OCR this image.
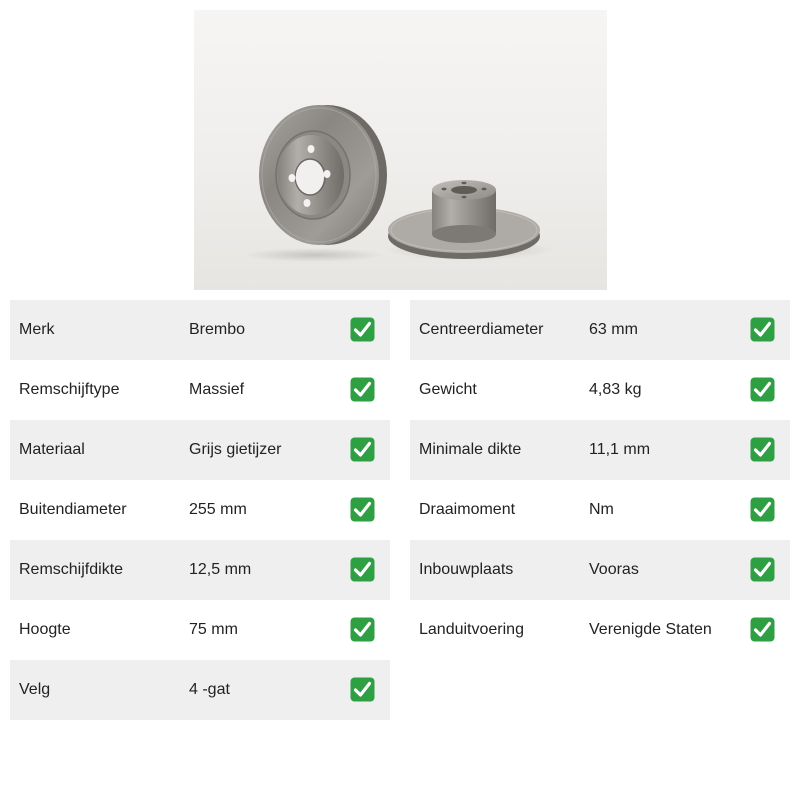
Merk	Brembo
Remschijftype	Massief
Materiaal	Grijs gietijzer
Buitendiameter	255 mm
Remschijfdikte	12,5 mm
Hoogte	75 mm
Velg	4 -gat
Centreerdiameter	63 mm
Gewicht	4,83 kg
Minimale dikte	11,1 mm
Draaimoment	Nm
Inbouwplaats	Vooras
Landuitvoering	Verenigde Staten
